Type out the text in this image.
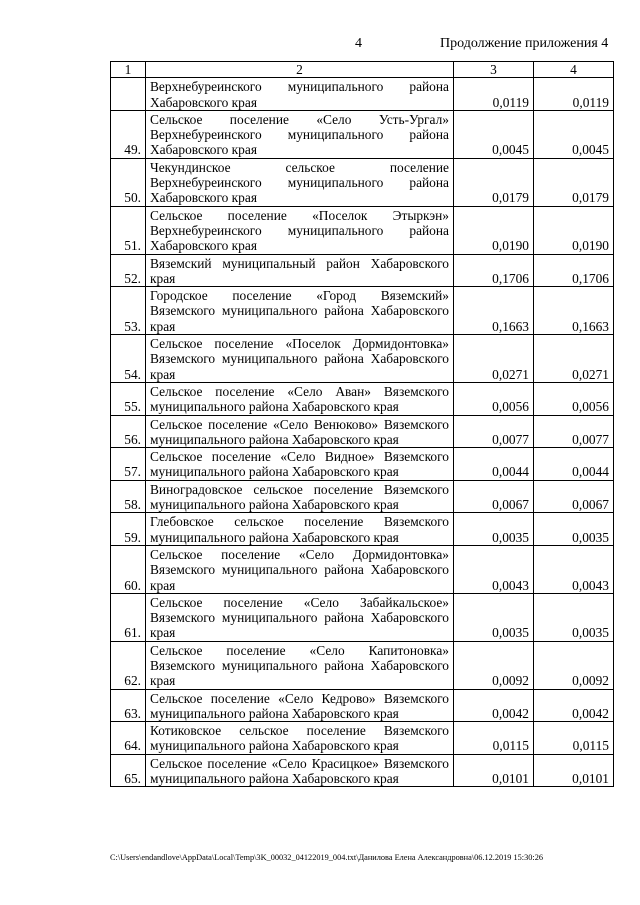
4	Продолжение приложения 4
1	2	3	4
	Верхнебуреинского муниципального района Хабаровского края	0,0119	0,0119
49.	Сельское поселение «Село Усть-Ургал» Верхнебуреинского муниципального района Хабаровского края	0,0045	0,0045
50.	Чекундинское сельское поселение Верхнебуреинского муниципального района Хабаровского края	0,0179	0,0179
51.	Сельское поселение «Поселок Этыркэн» Верхнебуреинского муниципального района Хабаровского края	0,0190	0,0190
52.	Вяземский муниципальный район Хабаровского края	0,1706	0,1706
53.	Городское поселение «Город Вяземский» Вяземского муниципального района Хабаровского края	0,1663	0,1663
54.	Сельское поселение «Поселок Дормидонтовка» Вяземского муниципального района Хабаровского края	0,0271	0,0271
55.	Сельское поселение «Село Аван» Вяземского муниципального района Хабаровского края	0,0056	0,0056
56.	Сельское поселение «Село Венюково» Вяземского муниципального района Хабаровского края	0,0077	0,0077
57.	Сельское поселение «Село Видное» Вяземского муниципального района Хабаровского края	0,0044	0,0044
58.	Виноградовское сельское поселение Вяземского муниципального района Хабаровского края	0,0067	0,0067
59.	Глебовское сельское поселение Вяземского муниципального района Хабаровского края	0,0035	0,0035
60.	Сельское поселение «Село Дормидонтовка» Вяземского муниципального района Хабаровского края	0,0043	0,0043
61.	Сельское поселение «Село Забайкальское» Вяземского муниципального района Хабаровского края	0,0035	0,0035
62.	Сельское поселение «Село Капитоновка» Вяземского муниципального района Хабаровского края	0,0092	0,0092
63.	Сельское поселение «Село Кедрово» Вяземского муниципального района Хабаровского края	0,0042	0,0042
64.	Котиковское сельское поселение Вяземского муниципального района Хабаровского края	0,0115	0,0115
65.	Сельское поселение «Село Красицкое» Вяземского муниципального района Хабаровского края	0,0101	0,0101
C:\Users\endandlove\AppData\Local\Temp\3K_00032_04122019_004.txt\Данилова Елена Александровна\06.12.2019 15:30:26
